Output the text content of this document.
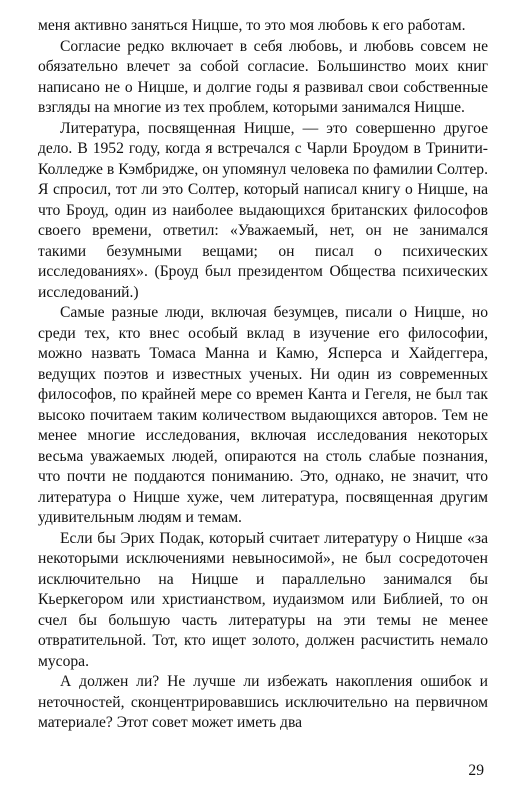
меня активно заняться Ницше, то это моя любовь к его работам.

Согласие редко включает в себя любовь, и любовь совсем не обязательно влечет за собой согласие. Большинство моих книг написано не о Ницше, и долгие годы я развивал свои собственные взгляды на многие из тех проблем, которыми занимался Ницше.

Литература, посвященная Ницше, — это совершенно другое дело. В 1952 году, когда я встречался с Чарли Броудом в Тринити-Колледже в Кэмбридже, он упомянул человека по фамилии Солтер. Я спросил, тот ли это Солтер, который написал книгу о Ницше, на что Броуд, один из наиболее выдающихся британских философов своего времени, ответил: «Уважаемый, нет, он не занимался такими безумными вещами; он писал о психических исследованиях». (Броуд был президентом Общества психических исследований.)

Самые разные люди, включая безумцев, писали о Ницше, но среди тех, кто внес особый вклад в изучение его философии, можно назвать Томаса Манна и Камю, Ясперса и Хайдеггера, ведущих поэтов и известных ученых. Ни один из современных философов, по крайней мере со времен Канта и Гегеля, не был так высоко почитаем таким количеством выдающихся авторов. Тем не менее многие исследования, включая исследования некоторых весьма уважаемых людей, опираются на столь слабые познания, что почти не поддаются пониманию. Это, однако, не значит, что литература о Ницше хуже, чем литература, посвященная другим удивительным людям и темам.

Если бы Эрих Подак, который считает литературу о Ницше «за некоторыми исключениями невыносимой», не был сосредоточен исключительно на Ницше и параллельно занимался бы Кьеркегором или христианством, иудаизмом или Библией, то он счел бы большую часть литературы на эти темы не менее отвратительной. Тот, кто ищет золото, должен расчистить немало мусора.

А должен ли? Не лучше ли избежать накопления ошибок и неточностей, сконцентрировавшись исключительно на первичном материале? Этот совет может иметь два

29
